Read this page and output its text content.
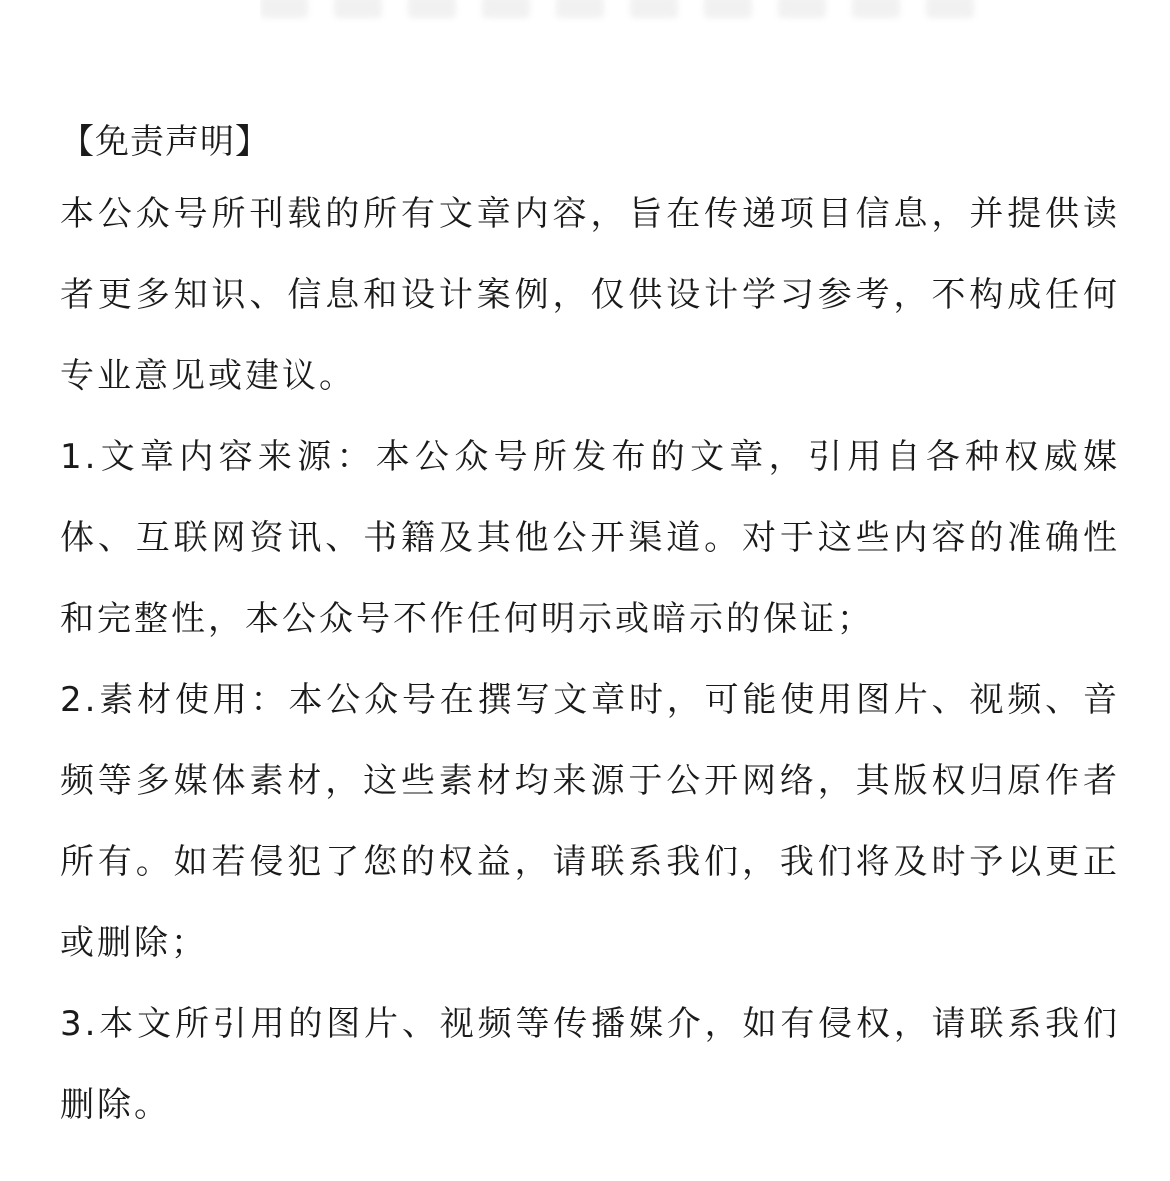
【免责声明】

本公众号所刊载的所有文章内容，旨在传递项目信息，并提供读者更多知识、信息和设计案例，仅供设计学习参考，不构成任何专业意见或建议。

1.文章内容来源：本公众号所发布的文章，引用自各种权威媒体、互联网资讯、书籍及其他公开渠道。对于这些内容的准确性和完整性，本公众号不作任何明示或暗示的保证；

2.素材使用：本公众号在撰写文章时，可能使用图片、视频、音频等多媒体素材，这些素材均来源于公开网络，其版权归原作者所有。如若侵犯了您的权益，请联系我们，我们将及时予以更正或删除；

3.本文所引用的图片、视频等传播媒介，如有侵权，请联系我们删除。
